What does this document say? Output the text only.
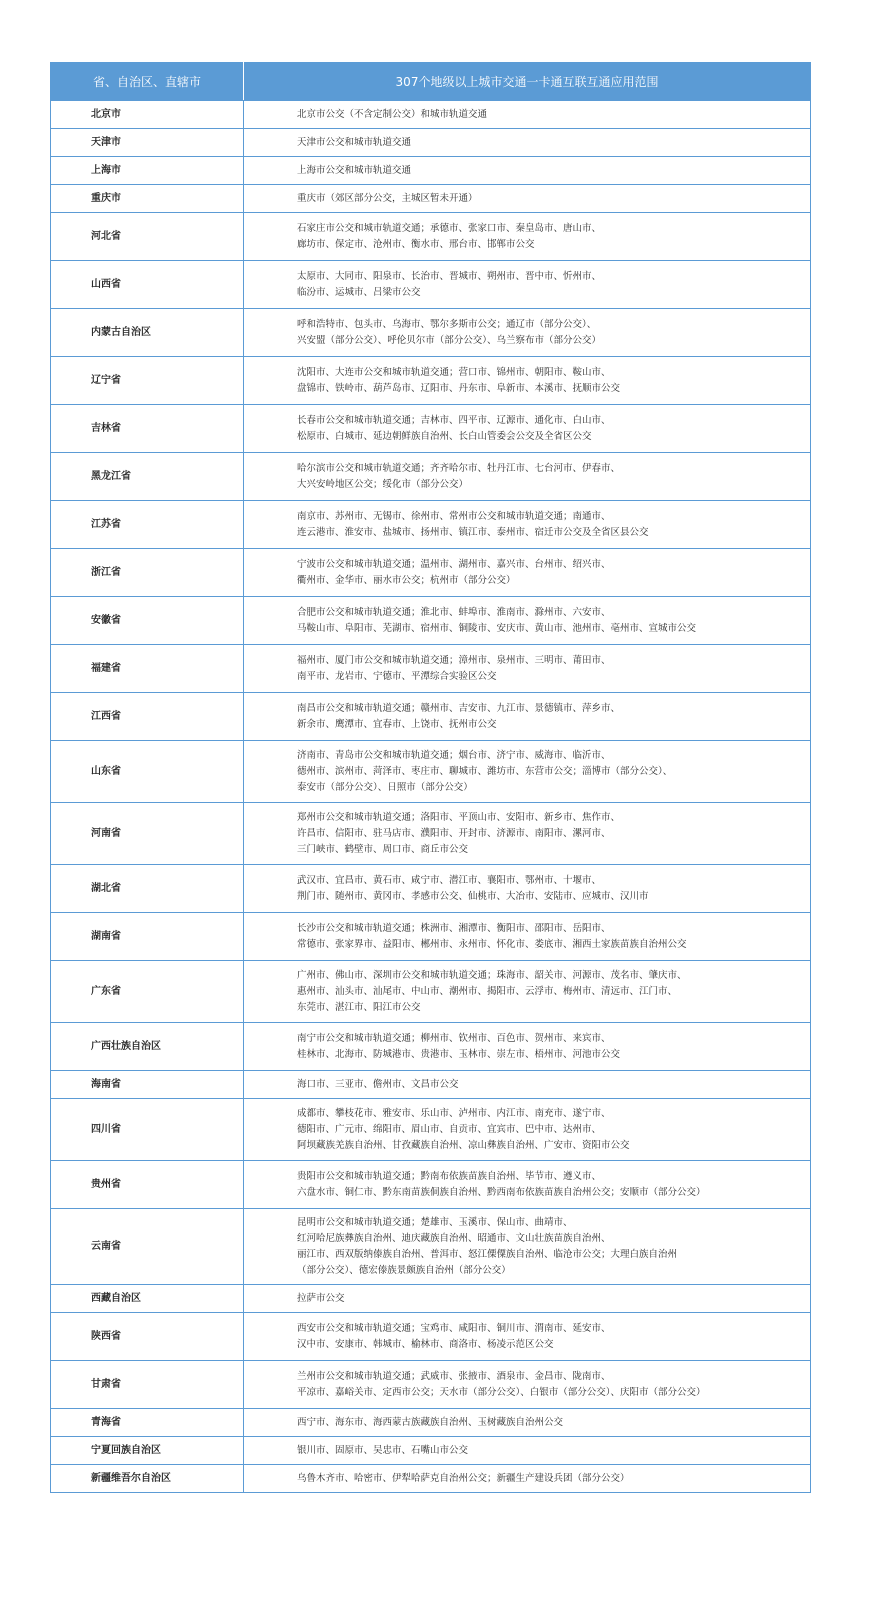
省、自治区、直辖市	307个地级以上城市交通一卡通互联互通应用范围
北京市	北京市公交（不含定制公交）和城市轨道交通
天津市	天津市公交和城市轨道交通
上海市	上海市公交和城市轨道交通
重庆市	重庆市（郊区部分公交，主城区暂未开通）
河北省	石家庄市公交和城市轨道交通；承德市、张家口市、秦皇岛市、唐山市、
廊坊市、保定市、沧州市、衡水市、邢台市、邯郸市公交
山西省	太原市、大同市、阳泉市、长治市、晋城市、朔州市、晋中市、忻州市、
临汾市、运城市、吕梁市公交
内蒙古自治区	呼和浩特市、包头市、乌海市、鄂尔多斯市公交；通辽市（部分公交）、
兴安盟（部分公交）、呼伦贝尔市（部分公交）、乌兰察布市（部分公交）
辽宁省	沈阳市、大连市公交和城市轨道交通；营口市、锦州市、朝阳市、鞍山市、
盘锦市、铁岭市、葫芦岛市、辽阳市、丹东市、阜新市、本溪市、抚顺市公交
吉林省	长春市公交和城市轨道交通；吉林市、四平市、辽源市、通化市、白山市、
松原市、白城市、延边朝鲜族自治州、长白山管委会公交及全省区公交
黑龙江省	哈尔滨市公交和城市轨道交通；齐齐哈尔市、牡丹江市、七台河市、伊春市、
大兴安岭地区公交；绥化市（部分公交）
江苏省	南京市、苏州市、无锡市、徐州市、常州市公交和城市轨道交通；南通市、
连云港市、淮安市、盐城市、扬州市、镇江市、泰州市、宿迁市公交及全省区县公交
浙江省	宁波市公交和城市轨道交通；温州市、湖州市、嘉兴市、台州市、绍兴市、
衢州市、金华市、丽水市公交；杭州市（部分公交）
安徽省	合肥市公交和城市轨道交通；淮北市、蚌埠市、淮南市、滁州市、六安市、
马鞍山市、阜阳市、芜湖市、宿州市、铜陵市、安庆市、黄山市、池州市、亳州市、宣城市公交
福建省	福州市、厦门市公交和城市轨道交通；漳州市、泉州市、三明市、莆田市、
南平市、龙岩市、宁德市、平潭综合实验区公交
江西省	南昌市公交和城市轨道交通；赣州市、吉安市、九江市、景德镇市、萍乡市、
新余市、鹰潭市、宜春市、上饶市、抚州市公交
山东省	济南市、青岛市公交和城市轨道交通；烟台市、济宁市、威海市、临沂市、
德州市、滨州市、菏泽市、枣庄市、聊城市、潍坊市、东营市公交；淄博市（部分公交）、
泰安市（部分公交）、日照市（部分公交）
河南省	郑州市公交和城市轨道交通；洛阳市、平顶山市、安阳市、新乡市、焦作市、
许昌市、信阳市、驻马店市、濮阳市、开封市、济源市、南阳市、漯河市、
三门峡市、鹤壁市、周口市、商丘市公交
湖北省	武汉市、宜昌市、黄石市、咸宁市、潜江市、襄阳市、鄂州市、十堰市、
荆门市、随州市、黄冈市、孝感市公交、仙桃市、大冶市、安陆市、应城市、汉川市
湖南省	长沙市公交和城市轨道交通；株洲市、湘潭市、衡阳市、邵阳市、岳阳市、
常德市、张家界市、益阳市、郴州市、永州市、怀化市、娄底市、湘西土家族苗族自治州公交
广东省	广州市、佛山市、深圳市公交和城市轨道交通；珠海市、韶关市、河源市、茂名市、肇庆市、
惠州市、汕头市、汕尾市、中山市、潮州市、揭阳市、云浮市、梅州市、清远市、江门市、
东莞市、湛江市、阳江市公交
广西壮族自治区	南宁市公交和城市轨道交通；柳州市、钦州市、百色市、贺州市、来宾市、
桂林市、北海市、防城港市、贵港市、玉林市、崇左市、梧州市、河池市公交
海南省	海口市、三亚市、儋州市、文昌市公交
四川省	成都市、攀枝花市、雅安市、乐山市、泸州市、内江市、南充市、遂宁市、
德阳市、广元市、绵阳市、眉山市、自贡市、宜宾市、巴中市、达州市、
阿坝藏族羌族自治州、甘孜藏族自治州、凉山彝族自治州、广安市、资阳市公交
贵州省	贵阳市公交和城市轨道交通；黔南布依族苗族自治州、毕节市、遵义市、
六盘水市、铜仁市、黔东南苗族侗族自治州、黔西南布依族苗族自治州公交；安顺市（部分公交）
云南省	昆明市公交和城市轨道交通；楚雄市、玉溪市、保山市、曲靖市、
红河哈尼族彝族自治州、迪庆藏族自治州、昭通市、文山壮族苗族自治州、
丽江市、西双版纳傣族自治州、普洱市、怒江傈僳族自治州、临沧市公交；大理白族自治州
（部分公交）、德宏傣族景颇族自治州（部分公交）
西藏自治区	拉萨市公交
陕西省	西安市公交和城市轨道交通；宝鸡市、咸阳市、铜川市、渭南市、延安市、
汉中市、安康市、韩城市、榆林市、商洛市、杨凌示范区公交
甘肃省	兰州市公交和城市轨道交通；武威市、张掖市、酒泉市、金昌市、陇南市、
平凉市、嘉峪关市、定西市公交；天水市（部分公交）、白银市（部分公交）、庆阳市（部分公交）
青海省	西宁市、海东市、海西蒙古族藏族自治州、玉树藏族自治州公交
宁夏回族自治区	银川市、固原市、吴忠市、石嘴山市公交
新疆维吾尔自治区	乌鲁木齐市、哈密市、伊犁哈萨克自治州公交；新疆生产建设兵团（部分公交）
